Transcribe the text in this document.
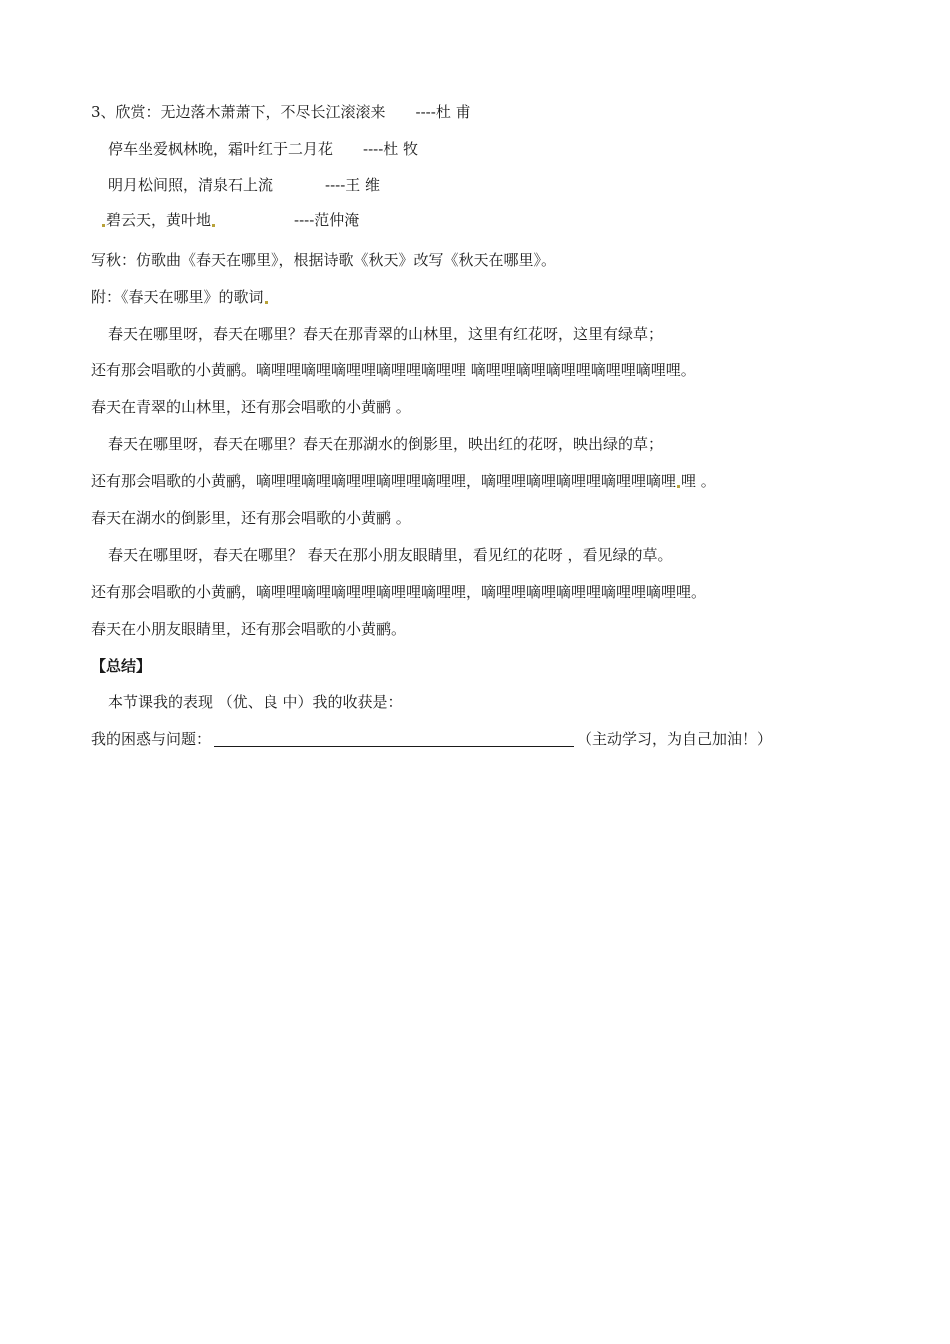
3、欣赏：无边落木萧萧下，不尽长江滚滚来 ----杜 甫
停车坐爱枫林晚，霜叶红于二月花 ----杜 牧
明月松间照，清泉石上流	----王 维
碧云天，黄叶地	----范仲淹
写秋：仿歌曲《春天在哪里》，根据诗歌《秋天》改写《秋天在哪里》。
附：《春天在哪里》的歌词
春天在哪里呀，春天在哪里？春天在那青翠的山林里，这里有红花呀，这里有绿草；
还有那会唱歌的小黄鹂。嘀哩哩嘀哩嘀哩哩嘀哩哩嘀哩哩 嘀哩哩嘀哩嘀哩哩嘀哩哩嘀哩哩。
春天在青翠的山林里，还有那会唱歌的小黄鹂 。
春天在哪里呀，春天在哪里？春天在那湖水的倒影里，映出红的花呀，映出绿的草；
还有那会唱歌的小黄鹂，嘀哩哩嘀哩嘀哩哩嘀哩哩嘀哩哩，嘀哩哩嘀哩嘀哩哩嘀哩哩嘀哩 哩 。
春天在湖水的倒影里，还有那会唱歌的小黄鹂 。
春天在哪里呀，春天在哪里？ 春天在那小朋友眼睛里，看见红的花呀 ，看见绿的草。
还有那会唱歌的小黄鹂，嘀哩哩嘀哩嘀哩哩嘀哩哩嘀哩哩，嘀哩哩嘀哩嘀哩哩嘀哩哩嘀哩哩。
春天在小朋友眼睛里，还有那会唱歌的小黄鹂。
【总结】
本节课我的表现 （优、良 中）我的收获是：
我的困惑与问题：	（主动学习，为自己加油！）
